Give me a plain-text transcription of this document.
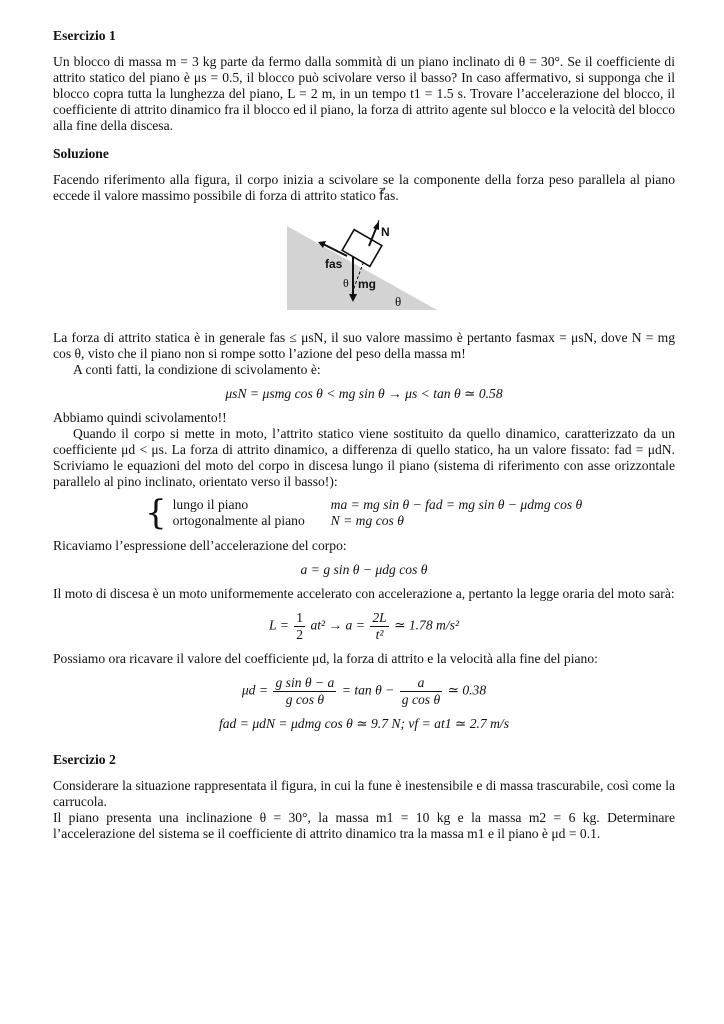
Esercizio 1

Un blocco di massa m = 3 kg parte da fermo dalla sommità di un piano inclinato di θ = 30°. Se il coefficiente di attrito statico del piano è μs = 0.5, il blocco può scivolare verso il basso? In caso affermativo, si supponga che il blocco copra tutta la lunghezza del piano, L = 2 m, in un tempo t1 = 1.5 s. Trovare l’accelerazione del blocco, il coefficiente di attrito dinamico fra il blocco ed il piano, la forza di attrito agente sul blocco e la velocità del blocco alla fine della discesa.

Soluzione

Facendo riferimento alla figura, il corpo inizia a scivolare se la componente della forza peso parallela al piano eccede il valore massimo possibile di forza di attrito statico f⃗as.

N
fas
θ mg
θ

La forza di attrito statica è in generale fas ≤ μsN, il suo valore massimo è pertanto fasmax = μsN, dove N = mg cos θ, visto che il piano non si rompe sotto l’azione del peso della massa m!

A conti fatti, la condizione di scivolamento è:

μsN = μsmg cos θ < mg sin θ → μs < tan θ ≃ 0.58

Abbiamo quindi scivolamento!!

Quando il corpo si mette in moto, l’attrito statico viene sostituito da quello dinamico, caratterizzato da un coefficiente μd < μs. La forza di attrito dinamico, a differenza di quello statico, ha un valore fissato: fad = μdN. Scriviamo le equazioni del moto del corpo in discesa lungo il piano (sistema di riferimento con asse orizzontale parallelo al pino inclinato, orientato verso il basso!):

{ lungo il piano	ma = mg sin θ − fad = mg sin θ − μdmg cos θ
ortogonalmente al piano	N = mg cos θ

Ricaviamo l’espressione dell’accelerazione del corpo:

a = g sin θ − μdg cos θ

Il moto di discesa è un moto uniformemente accelerato con accelerazione a, pertanto la legge oraria del moto sarà:

$L = \frac{1}{2} at^2 \to a = \frac{2L}{\text{t²}}$ ≃ 1.78 m/s²

Possiamo ora ricavare il valore del coefficiente μd, la forza di attrito e la velocità alla fine del piano:

$\mu d = \frac{\text{g sin θ − a}}{\text{g cos θ}} = \tan \theta - \frac{a}{\text{g cos θ}}$ ≃ 0.38
fad = μdN = μdmg cos θ ≃ 9.7 N; vf = at1 ≃ 2.7 m/s
Esercizio 2

Considerare la situazione rappresentata il figura, in cui la fune è inestensibile e di massa trascurabile, così come la carrucola.

Il piano presenta una inclinazione θ = 30°, la massa m1 = 10 kg e la massa m2 = 6 kg. Determinare l’accelerazione del sistema se il coefficiente di attrito dinamico tra la massa m1 e il piano è μd = 0.1.
